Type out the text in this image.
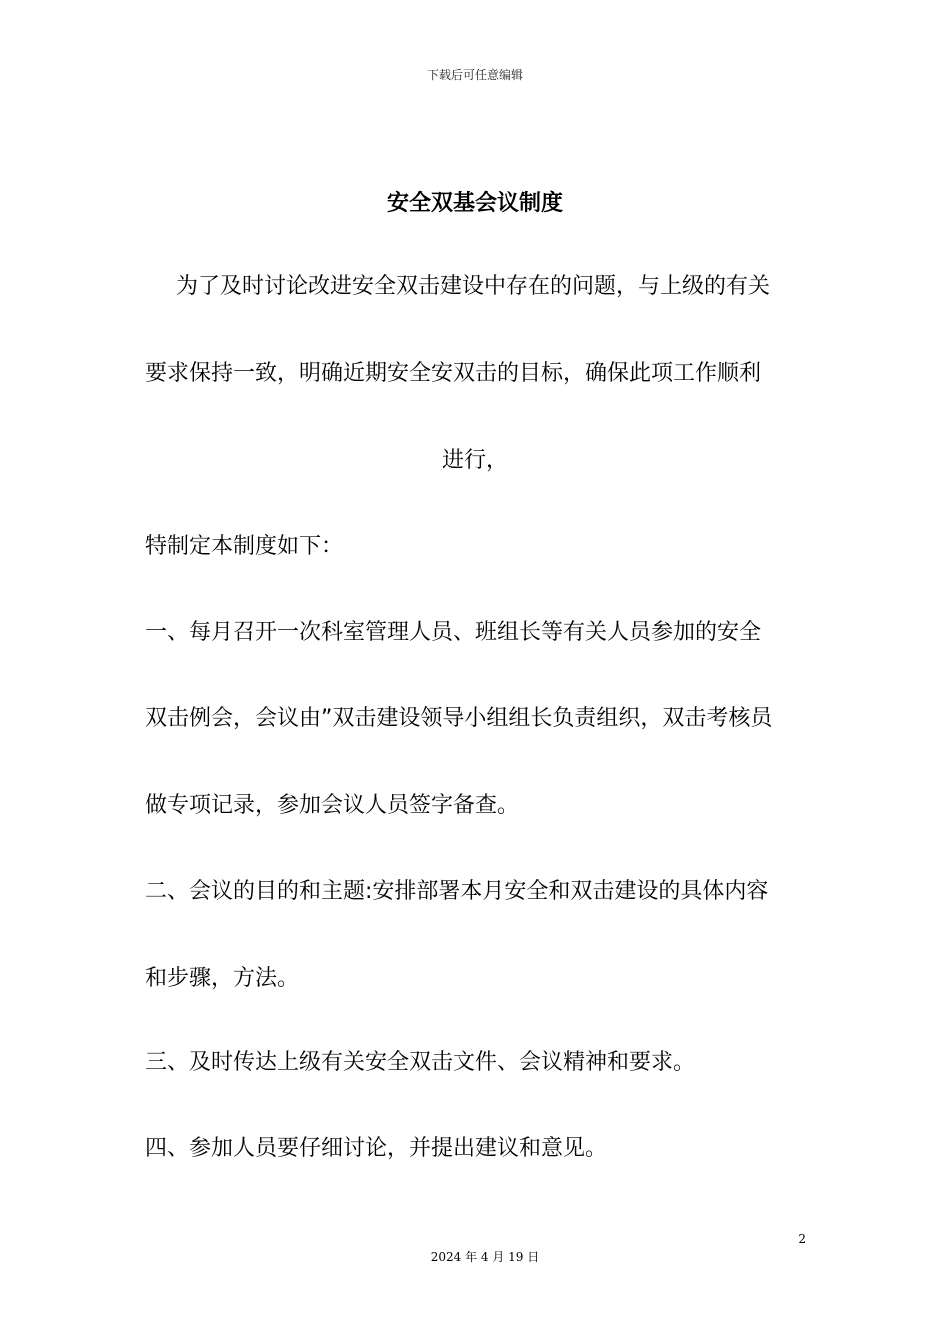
下载后可任意编辑
安全双基会议制度
为了及时讨论改进安全双击建设中存在的问题，与上级的有关
要求保持一致，明确近期安全安双击的目标，确保此项工作顺利
进行，
特制定本制度如下：
一、每月召开一次科室管理人员、班组长等有关人员参加的安全
双击例会，会议由”双击建设领导小组组长负责组织，双击考核员
做专项记录，参加会议人员签字备查。
二、会议的目的和主题:安排部署本月安全和双击建设的具体内容
和步骤，方法。
三、及时传达上级有关安全双击文件、会议精神和要求。
四、参加人员要仔细讨论，并提出建议和意见。
2
2024 年 4 月 19 日
